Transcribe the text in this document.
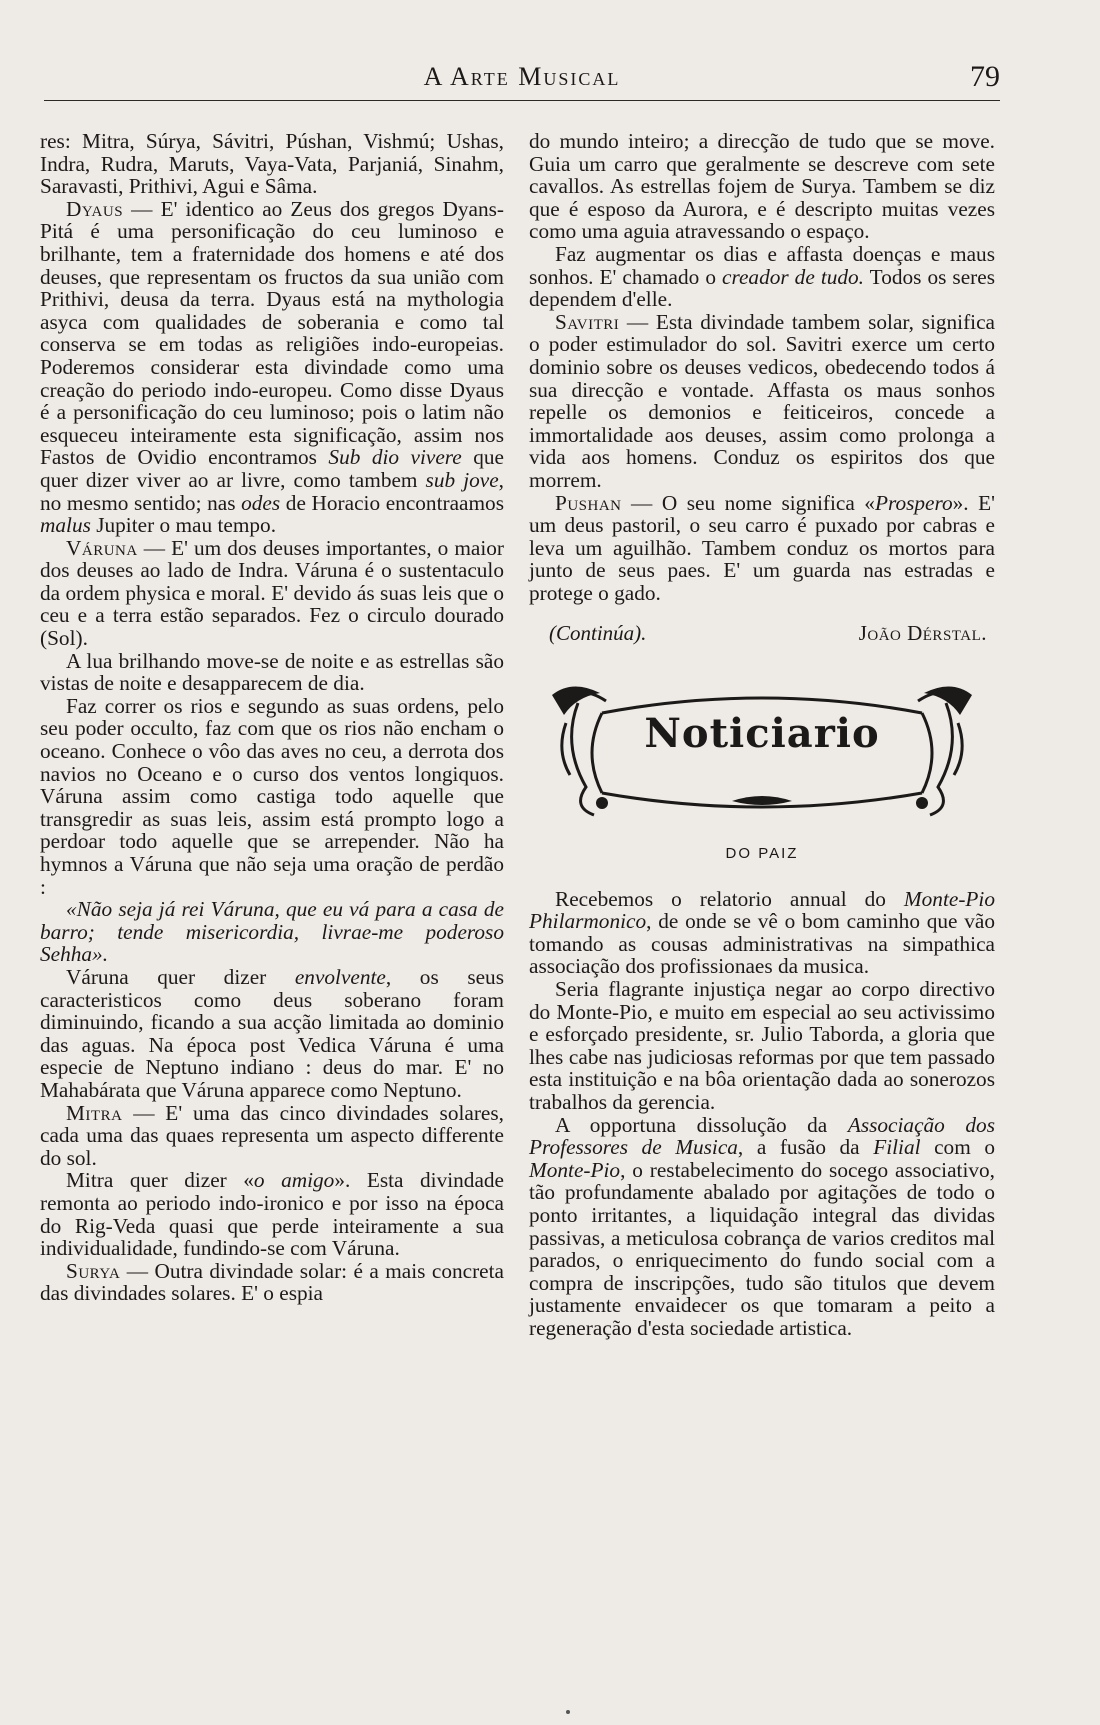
A Arte Musical	79

res: Mitra, Súrya, Sávitri, Púshan, Vishmú; Ushas, Indra, Rudra, Maruts, Vaya-Vata, Parjaniá, Sinahm, Saravasti, Prithivi, Agui e Sâma.

Dyaus — E' identico ao Zeus dos gregos Dyans-Pitá é uma personificação do ceu luminoso e brilhante, tem a fraternidade dos homens e até dos deuses, que representam os fructos da sua união com Prithivi, deusa da terra. Dyaus está na mythologia asyca com qualidades de soberania e como tal conserva se em todas as religiões indo-europeias. Poderemos considerar esta divindade como uma creação do periodo indo-europeu. Como disse Dyaus é a personificação do ceu luminoso; pois o latim não esqueceu inteiramente esta significação, assim nos Fastos de Ovidio encontramos Sub dio vivere que quer dizer viver ao ar livre, como tambem sub jove, no mesmo sentido; nas odes de Horacio encontraamos malus Jupiter o mau tempo.

Váruna — E' um dos deuses importantes, o maior dos deuses ao lado de Indra. Váruna é o sustentaculo da ordem physica e moral. E' devido ás suas leis que o ceu e a terra estão separados. Fez o circulo dourado (Sol).

A lua brilhando move-se de noite e as estrellas são vistas de noite e desapparecem de dia.

Faz correr os rios e segundo as suas ordens, pelo seu poder occulto, faz com que os rios não encham o oceano. Conhece o vôo das aves no ceu, a derrota dos navios no Oceano e o curso dos ventos longiquos. Váruna assim como castiga todo aquelle que transgredir as suas leis, assim está prompto logo a perdoar todo aquelle que se arrepender. Não ha hymnos a Váruna que não seja uma oração de perdão :

«Não seja já rei Váruna, que eu vá para a casa de barro; tende misericordia, livrae-me poderoso Sehha».

Váruna quer dizer envolvente, os seus caracteristicos como deus soberano foram diminuindo, ficando a sua acção limitada ao dominio das aguas. Na época post Vedica Váruna é uma especie de Neptuno indiano : deus do mar. E' no Mahabárata que Váruna apparece como Neptuno.

Mitra — E' uma das cinco divindades solares, cada uma das quaes representa um aspecto differente do sol.

Mitra quer dizer «o amigo». Esta divindade remonta ao periodo indo-ironico e por isso na época do Rig-Veda quasi que perde inteiramente a sua individualidade, fundindo-se com Váruna.

Surya — Outra divindade solar: é a mais concreta das divindades solares. E' o espia

do mundo inteiro; a direcção de tudo que se move. Guia um carro que geralmente se descreve com sete cavallos. As estrellas fojem de Surya. Tambem se diz que é esposo da Aurora, e é descripto muitas vezes como uma aguia atravessando o espaço.

Faz augmentar os dias e affasta doenças e maus sonhos. E' chamado o creador de tudo. Todos os seres dependem d'elle.

Savitri — Esta divindade tambem solar, significa o poder estimulador do sol. Savitri exerce um certo dominio sobre os deuses vedicos, obedecendo todos á sua direcção e vontade. Affasta os maus sonhos repelle os demonios e feiticeiros, concede a immortalidade aos deuses, assim como prolonga a vida aos homens. Conduz os espiritos dos que morrem.

Pushan — O seu nome significa «Prospero». E' um deus pastoril, o seu carro é puxado por cabras e leva um aguilhão. Tambem conduz os mortos para junto de seus paes. E' um guarda nas estradas e protege o gado.

(Continúa).	João Dérstal.
Noticiario
DO PAIZ

Recebemos o relatorio annual do Monte-Pio Philarmonico, de onde se vê o bom caminho que vão tomando as cousas administrativas na simpathica associação dos profissionaes da musica.

Seria flagrante injustiça negar ao corpo directivo do Monte-Pio, e muito em especial ao seu activissimo e esforçado presidente, sr. Julio Taborda, a gloria que lhes cabe nas judiciosas reformas por que tem passado esta instituição e na bôa orientação dada ao sonerozos trabalhos da gerencia.

A opportuna dissolução da Associação dos Professores de Musica, a fusão da Filial com o Monte-Pio, o restabelecimento do socego associativo, tão profundamente abalado por agitações de todo o ponto irritantes, a liquidação integral das dividas passivas, a meticulosa cobrança de varios creditos mal parados, o enriquecimento do fundo social com a compra de inscripções, tudo são titulos que devem justamente envaidecer os que tomaram a peito a regeneração d'esta sociedade artistica.
